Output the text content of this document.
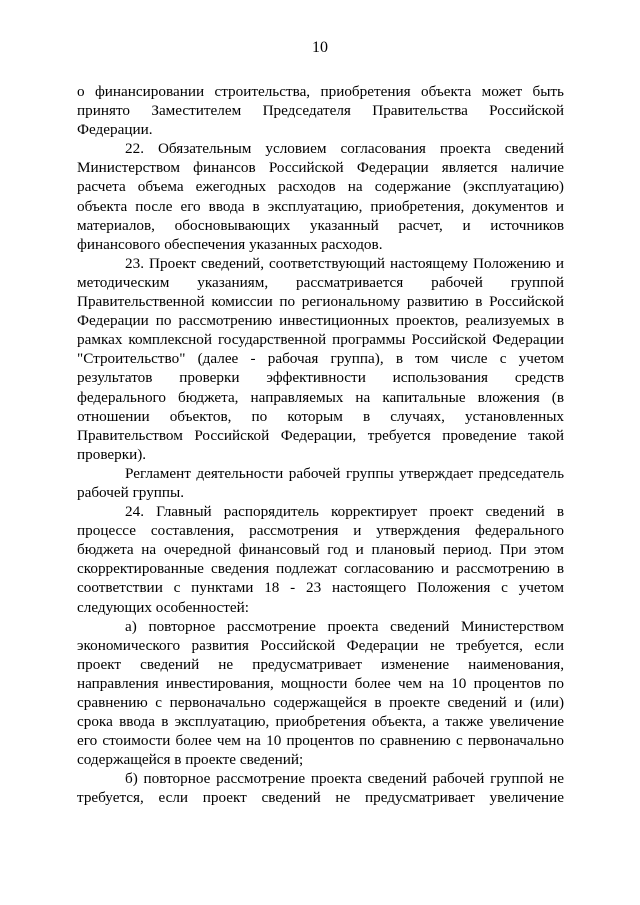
10

о финансировании строительства, приобретения объекта может быть принято Заместителем Председателя Правительства Российской Федерации.

22. Обязательным условием согласования проекта сведений Министерством финансов Российской Федерации является наличие расчета объема ежегодных расходов на содержание (эксплуатацию) объекта после его ввода в эксплуатацию, приобретения, документов и материалов, обосновывающих указанный расчет, и источников финансового обеспечения указанных расходов.

23. Проект сведений, соответствующий настоящему Положению и методическим указаниям, рассматривается рабочей группой Правительственной комиссии по региональному развитию в Российской Федерации по рассмотрению инвестиционных проектов, реализуемых в рамках комплексной государственной программы Российской Федерации "Строительство" (далее - рабочая группа), в том числе с учетом результатов проверки эффективности использования средств федерального бюджета, направляемых на капитальные вложения (в отношении объектов, по которым в случаях, установленных Правительством Российской Федерации, требуется проведение такой проверки).

Регламент деятельности рабочей группы утверждает председатель рабочей группы.

24. Главный распорядитель корректирует проект сведений в процессе составления, рассмотрения и утверждения федерального бюджета на очередной финансовый год и плановый период. При этом скорректированные сведения подлежат согласованию и рассмотрению в соответствии с пунктами 18 - 23 настоящего Положения с учетом следующих особенностей:

а) повторное рассмотрение проекта сведений Министерством экономического развития Российской Федерации не требуется, если проект сведений не предусматривает изменение наименования, направления инвестирования, мощности более чем на 10 процентов по сравнению с первоначально содержащейся в проекте сведений и (или) срока ввода в эксплуатацию, приобретения объекта, а также увеличение его стоимости более чем на 10 процентов по сравнению с первоначально содержащейся в проекте сведений;

б) повторное рассмотрение проекта сведений рабочей группой не требуется, если проект сведений не предусматривает увеличение
